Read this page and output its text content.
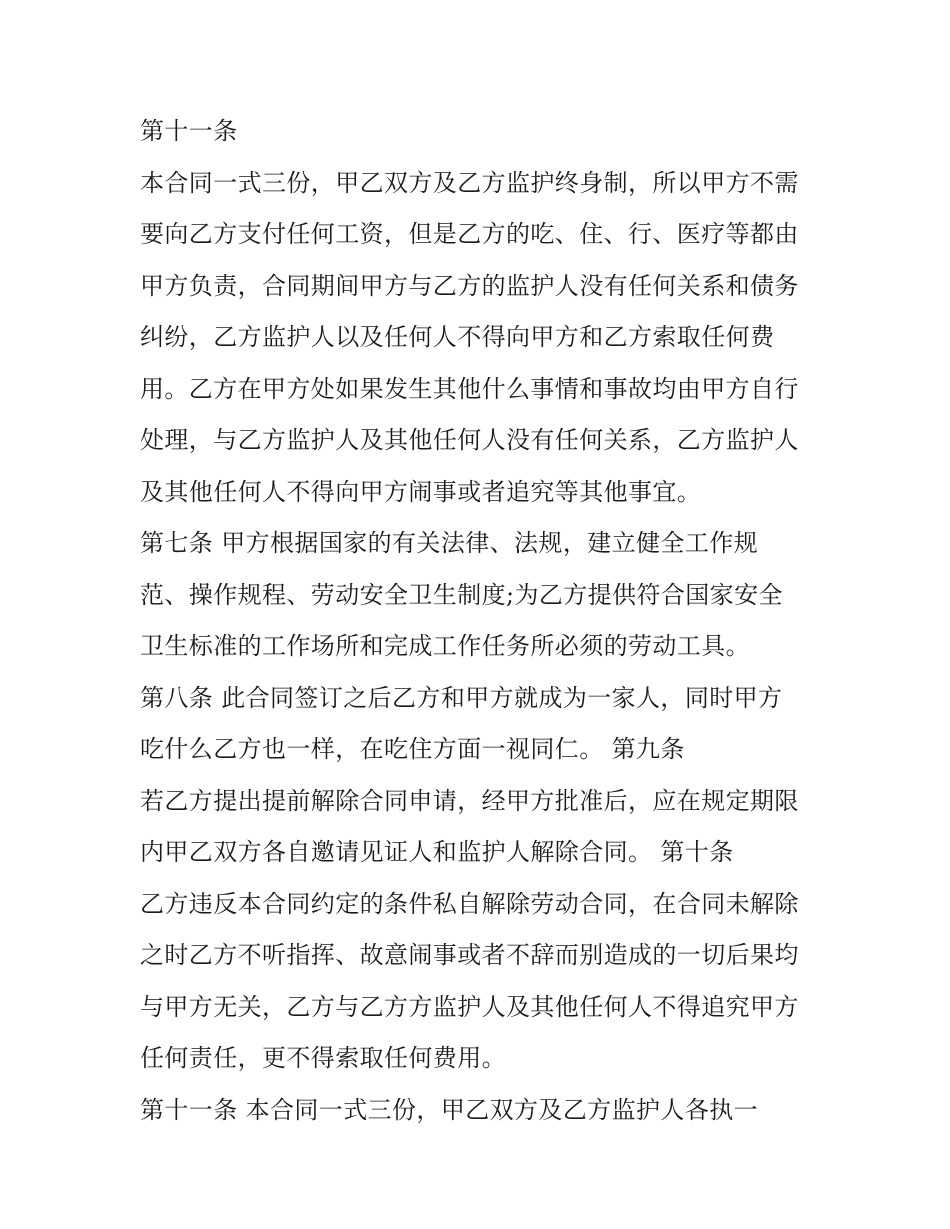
第十一条
本合同一式三份，甲乙双方及乙方监护终身制，所以甲方不需
要向乙方支付任何工资，但是乙方的吃、住、行、医疗等都由
甲方负责，合同期间甲方与乙方的监护人没有任何关系和债务
纠纷，乙方监护人以及任何人不得向甲方和乙方索取任何费
用。乙方在甲方处如果发生其他什么事情和事故均由甲方自行
处理，与乙方监护人及其他任何人没有任何关系，乙方监护人
及其他任何人不得向甲方闹事或者追究等其他事宜。
第七条 甲方根据国家的有关法律、法规，建立健全工作规
范、操作规程、劳动安全卫生制度;为乙方提供符合国家安全
卫生标准的工作场所和完成工作任务所必须的劳动工具。
第八条 此合同签订之后乙方和甲方就成为一家人，同时甲方
吃什么乙方也一样，在吃住方面一视同仁。 第九条
若乙方提出提前解除合同申请，经甲方批准后，应在规定期限
内甲乙双方各自邀请见证人和监护人解除合同。 第十条
乙方违反本合同约定的条件私自解除劳动合同，在合同未解除
之时乙方不听指挥、故意闹事或者不辞而别造成的一切后果均
与甲方无关，乙方与乙方方监护人及其他任何人不得追究甲方
任何责任，更不得索取任何费用。
第十一条 本合同一式三份，甲乙双方及乙方监护人各执一
